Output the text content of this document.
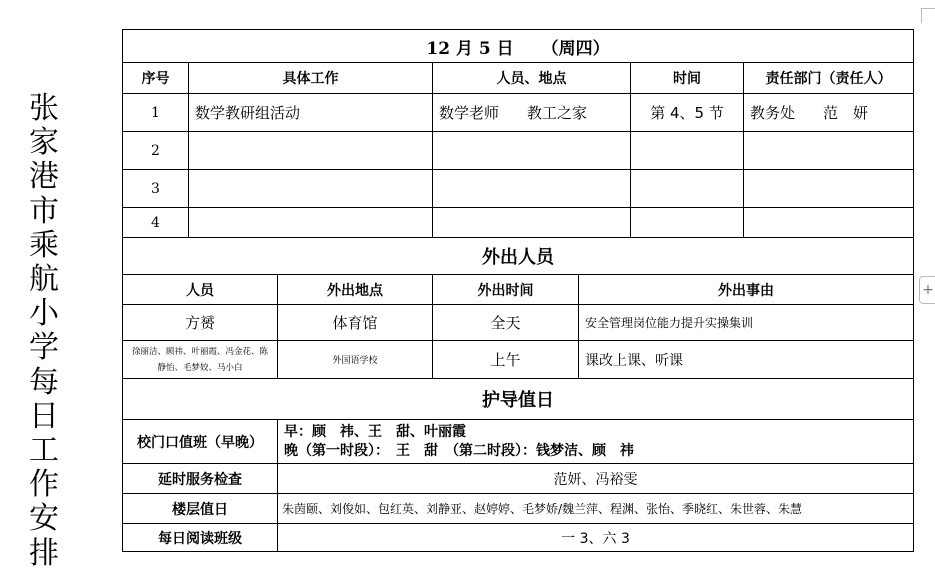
+
张
家
港
市
乘
航
小
学
每
日
工
作
安
排
12 月 5 日 （周四）				
序号	具体工作	人员、地点	时间	责任部门（责任人）
1	数学教研组活动	数学老师 教工之家	第 4、5 节	教务处 范　妍
2				
3				
4				
外出人员			
人员	外出地点	外出时间	外出事由
方赟	体育馆	全天	安全管理岗位能力提升实操集训
徐丽洁、顾祎、叶丽霞、冯金花、陈静怡、毛梦姣、马小白	外国语学校	上午	课改上课、听课
护导值日	
校门口值班（早晚）	早：顾　祎、王　甜、叶丽霞
晚（第一时段）：　王　甜　（第二时段）：钱梦洁、顾　祎

延时服务检查	范妍、冯裕雯
楼层值日	朱茵颐、刘俊如、包红英、刘静亚、赵婷婷、毛梦娇/魏兰萍、程渊、张怡、季晓红、朱世蓉、朱慧
每日阅读班级	一 3、六 3
